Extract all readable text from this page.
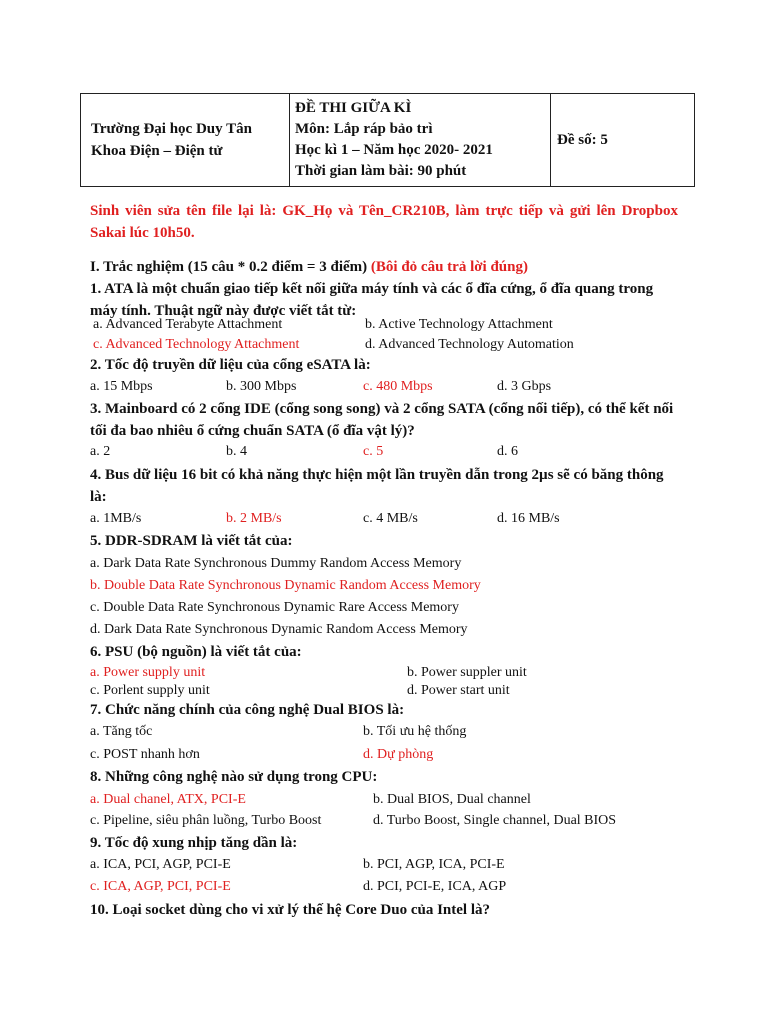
Trường Đại học Duy Tân
Khoa Điện – Điện tử

ĐỀ THI GIỮA KÌ
Môn: Lắp ráp bảo trì
Học kì 1 – Năm học 2020- 2021
Thời gian làm bài: 90 phút
	Đề số: 5
Sinh viên sửa tên file lại là: GK_Họ và Tên_CR210B, làm trực tiếp và gửi lên Dropbox Sakai lúc 10h50.
I. Trắc nghiệm (15 câu * 0.2 điểm = 3 điểm) (Bôi đỏ câu trả lời đúng)
1. ATA là một chuẩn giao tiếp kết nối giữa máy tính và các ổ đĩa cứng, ổ đĩa quang trong máy tính. Thuật ngữ này được viết tắt từ:
a. Advanced Terabyte Attachment	b. Active Technology Attachment
c. Advanced Technology Attachment	d. Advanced Technology Automation
2. Tốc độ truyền dữ liệu của cổng eSATA là:
a. 15 Mbps	b. 300 Mbps	c. 480 Mbps	d. 3 Gbps
3. Mainboard có 2 cổng IDE (cổng song song) và 2 cổng SATA (cổng nối tiếp), có thể kết nối tối đa bao nhiêu ổ cứng chuẩn SATA (ổ đĩa vật lý)?
a. 2	b. 4	c. 5	d. 6
4. Bus dữ liệu 16 bit có khả năng thực hiện một lần truyền dẫn trong 2µs sẽ có băng thông là:
a. 1MB/s	b. 2 MB/s	c. 4 MB/s	d. 16 MB/s
5. DDR-SDRAM là viết tắt của:
a. Dark Data Rate Synchronous Dummy Random Access Memory
b. Double Data Rate Synchronous Dynamic Random Access Memory
c. Double Data Rate Synchronous Dynamic Rare Access Memory
d. Dark Data Rate Synchronous Dynamic Random Access Memory
6. PSU (bộ nguồn) là viết tắt của:
a. Power supply unit	b. Power suppler unit
c. Porlent supply unit	d. Power start unit
7. Chức năng chính của công nghệ Dual BIOS là:
a. Tăng tốc	b. Tối ưu hệ thống
c. POST nhanh hơn	d. Dự phòng
8. Những công nghệ nào sử dụng trong CPU:
a. Dual chanel, ATX, PCI-E	b. Dual BIOS, Dual channel
c. Pipeline, siêu phân luồng, Turbo Boost	d. Turbo Boost, Single channel, Dual BIOS
9. Tốc độ xung nhịp tăng dần là:
a. ICA, PCI, AGP, PCI-E	b. PCI, AGP, ICA, PCI-E
c. ICA, AGP, PCI, PCI-E	d. PCI, PCI-E, ICA, AGP
10. Loại socket dùng cho vi xử lý thế hệ Core Duo của Intel là?
